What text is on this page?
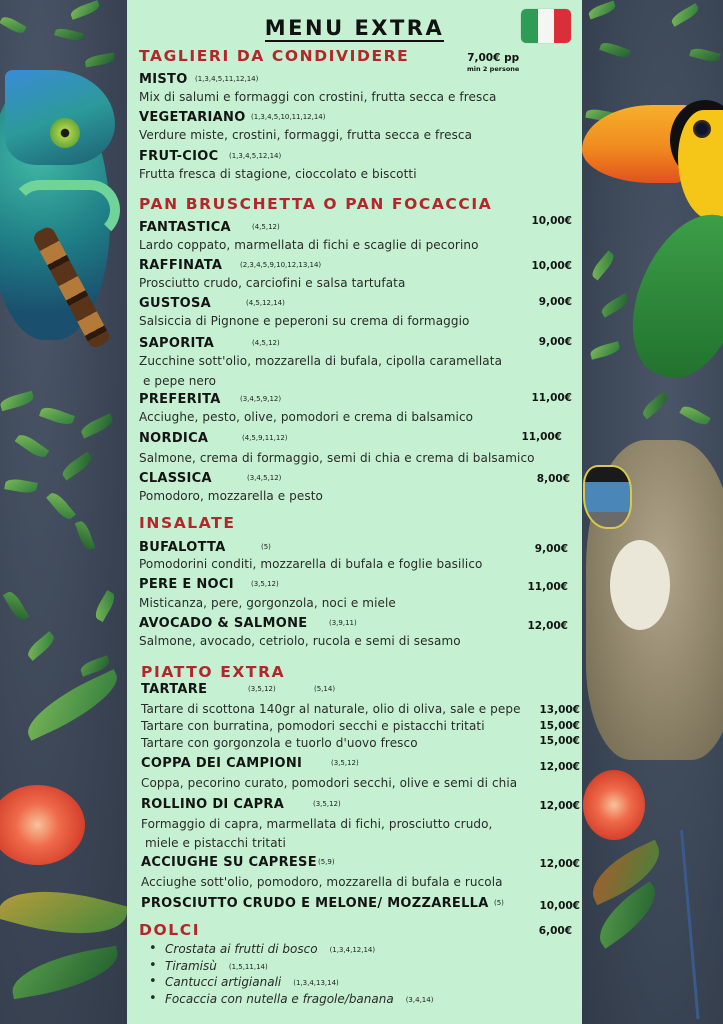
MENU EXTRA
TAGLIERI DA CONDIVIDERE	7,00€ pp
min 2 persone
MISTO (1,3,4,5,11,12,14)
Mix di salumi e formaggi con crostini, frutta secca e fresca
VEGETARIANO (1,3,4,5,10,11,12,14)
Verdure miste, crostini, formaggi, frutta secca e fresca
FRUT-CIOC (1,3,4,5,12,14)
Frutta fresca di stagione, cioccolato e biscotti
PAN BRUSCHETTA O PAN FOCACCIA
FANTASTICA	(4,5,12)	10,00€
Lardo coppato, marmellata di fichi e scaglie di pecorino
RAFFINATA	(2,3,4,5,9,10,12,13,14)	10,00€
Prosciutto crudo, carciofini e salsa tartufata
GUSTOSA	(4,5,12,14)	9,00€
Salsiccia di Pignone e peperoni su crema di formaggio
SAPORITA	(4,5,12)	9,00€
Zucchine sott'olio, mozzarella di bufala, cipolla caramellata
e pepe nero
PREFERITA	(3,4,5,9,12)	11,00€
Acciughe, pesto, olive, pomodori e crema di balsamico
NORDICA	(4,5,9,11,12)	11,00€
Salmone, crema di formaggio, semi di chia e crema di balsamico
CLASSICA	(3,4,5,12)	8,00€
Pomodoro, mozzarella e pesto
INSALATE
BUFALOTTA	(5)	9,00€
Pomodorini conditi, mozzarella di bufala e foglie basilico
PERE E NOCI (3,5,12)	11,00€
Misticanza, pere, gorgonzola, noci e miele
AVOCADO & SALMONE	(3,9,11)	12,00€
Salmone, avocado, cetriolo, rucola e semi di sesamo
PIATTO EXTRA
TARTARE	(3,5,12)	(5,14)
Tartare di scottona 140gr al naturale, olio di oliva, sale e pepe 13,00€
Tartare con burratina, pomodori secchi e pistacchi tritati	15,00€
Tartare con gorgonzola e tuorlo d'uovo fresco	15,00€
COPPA DEI CAMPIONI	(3,5,12)	12,00€
Coppa, pecorino curato, pomodori secchi, olive e semi di chia
ROLLINO DI CAPRA	(3,5,12)	12,00€
Formaggio di capra, marmellata di fichi, prosciutto crudo,
miele e pistacchi tritati
ACCIUGHE SU CAPRESE (5,9)	12,00€
Acciughe sott'olio, pomodoro, mozzarella di bufala e rucola
PROSCIUTTO CRUDO E MELONE/ MOZZARELLA (5)	10,00€
DOLCI	6,00€
• Crostata ai frutti di bosco (1,3,4,12,14)
• Tiramisù (1,5,11,14)
• Cantucci artigianali (1,3,4,13,14)
• Focaccia con nutella e fragole/banana (3,4,14)
